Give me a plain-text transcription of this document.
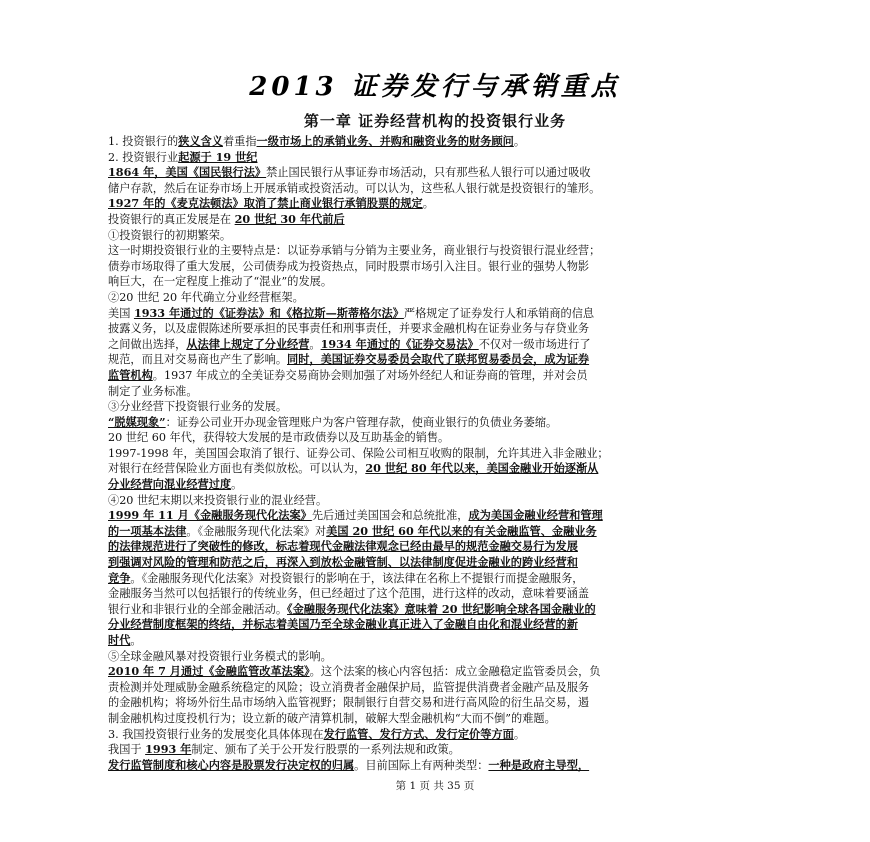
2013 证券发行与承销重点
第一章 证券经营机构的投资银行业务
1. 投资银行的狭义含义着重指一级市场上的承销业务、并购和融资业务的财务顾问。
2. 投资银行业起源于 19 世纪
1864 年，美国《国民银行法》禁止国民银行从事证券市场活动，只有那些私人银行可以通过吸收
储户存款，然后在证券市场上开展承销或投资活动。可以认为，这些私人银行就是投资银行的雏形。
1927 年的《麦克法顿法》取消了禁止商业银行承销股票的规定。
投资银行的真正发展是在 20 世纪 30 年代前后
①投资银行的初期繁荣。
这一时期投资银行业的主要特点是：以证券承销与分销为主要业务，商业银行与投资银行混业经营；
债券市场取得了重大发展，公司债券成为投资热点，同时股票市场引入注目。银行业的强势人物影
响巨大，在一定程度上推动了“混业”的发展。
②20 世纪 20 年代确立分业经营框架。
美国 1933 年通过的《证券法》和《格拉斯—斯蒂格尔法》严格规定了证券发行人和承销商的信息
披露义务，以及虚假陈述所要承担的民事责任和刑事责任，并要求金融机构在证券业务与存贷业务
之间做出选择，从法律上规定了分业经营。1934 年通过的《证券交易法》不仅对一级市场进行了
规范，而且对交易商也产生了影响。同时，美国证券交易委员会取代了联邦贸易委员会，成为证券
监管机构。1937 年成立的全美证券交易商协会则加强了对场外经纪人和证券商的管理，并对会员
制定了业务标准。
③分业经营下投资银行业务的发展。
“脱媒现象”：证券公司业开办现金管理账户为客户管理存款，使商业银行的负债业务萎缩。
20 世纪 60 年代，获得较大发展的是市政债券以及互助基金的销售。
1997-1998 年，美国国会取消了银行、证券公司、保险公司相互收购的限制，允许其进入非金融业；
对银行在经营保险业方面也有类似放松。可以认为，20 世纪 80 年代以来，美国金融业开始逐渐从
分业经营向混业经营过度。
④20 世纪末期以来投资银行业的混业经营。
1999 年 11 月《金融服务现代化法案》先后通过美国国会和总统批准，成为美国金融业经营和管理
的一项基本法律。《金融服务现代化法案》对美国 20 世纪 60 年代以来的有关金融监管、金融业务
的法律规范进行了突破性的修改，标志着现代金融法律观念已经由最早的规范金融交易行为发展
到强调对风险的管理和防范之后，再深入到放松金融管制、以法律制度促进金融业的跨业经营和
竞争。《金融服务现代化法案》对投资银行的影响在于，该法律在名称上不提银行而提金融服务，
金融服务当然可以包括银行的传统业务，但已经超过了这个范围，进行这样的改动，意味着要涵盖
银行业和非银行业的全部金融活动。《金融服务现代化法案》意味着 20 世纪影响全球各国金融业的
分业经营制度框架的终结，并标志着美国乃至全球金融业真正进入了金融自由化和混业经营的新
时代。
⑤全球金融风暴对投资银行业务模式的影响。
2010 年 7 月通过《金融监管改革法案》。这个法案的核心内容包括：成立金融稳定监管委员会，负
责检测并处理威胁金融系统稳定的风险；设立消费者金融保护局，监管提供消费者金融产品及服务
的金融机构；将场外衍生品市场纳入监管视野；限制银行自营交易和进行高风险的衍生品交易，遏
制金融机构过度投机行为；设立新的破产清算机制，破解大型金融机构“大而不倒”的难题。
3. 我国投资银行业务的发展变化具体体现在发行监管、发行方式、发行定价等方面。
我国于 1993 年制定、颁布了关于公开发行股票的一系列法规和政策。
发行监管制度和核心内容是股票发行决定权的归属。目前国际上有两种类型：一种是政府主导型，
第 1 页 共 35 页
